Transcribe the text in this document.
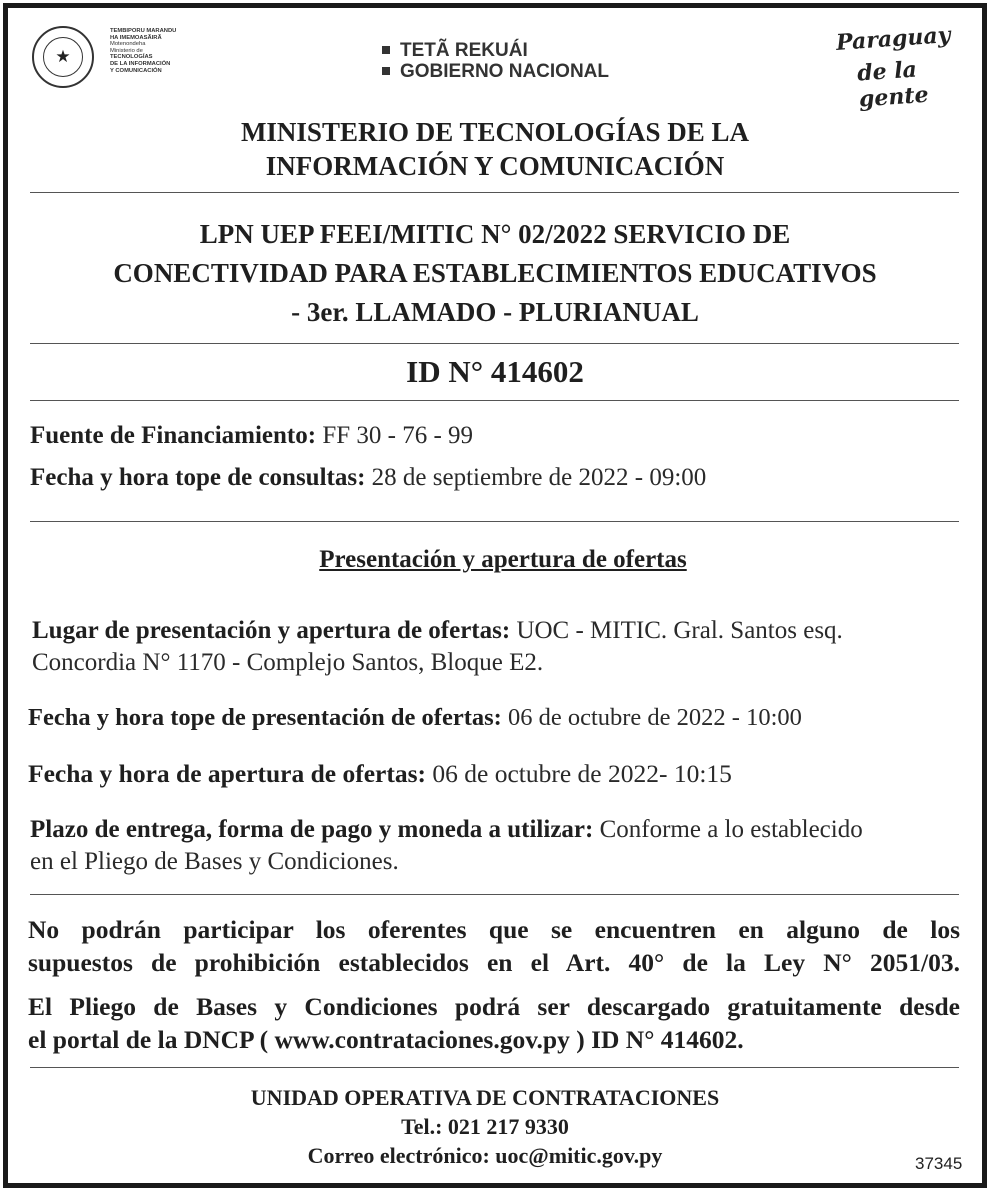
★
TEMBIPORU MARANDU
HA IMEMOASÃIRÃ
Motenondeha
Ministerio de
TECNOLOGÍAS
DE LA INFORMACIÓN
Y COMUNICACIÓN
TETÃ REKUÁI
GOBIERNO NACIONAL
Paraguay
de la gente
MINISTERIO DE TECNOLOGÍAS DE LA
INFORMACIÓN Y COMUNICACIÓN
LPN UEP FEEI/MITIC N° 02/2022 SERVICIO DE
CONECTIVIDAD PARA ESTABLECIMIENTOS EDUCATIVOS
- 3er. LLAMADO - PLURIANUAL
ID N° 414602
Fuente de Financiamiento: FF 30 - 76 - 99
Fecha y hora tope de consultas: 28 de septiembre de 2022 - 09:00
Presentación y apertura de ofertas
Lugar de presentación y apertura de ofertas: UOC - MITIC. Gral. Santos esq.
Concordia N° 1170 - Complejo Santos, Bloque E2.
Fecha y hora tope de presentación de ofertas: 06 de octubre de 2022 - 10:00
Fecha y hora de apertura de ofertas: 06 de octubre de 2022- 10:15
Plazo de entrega, forma de pago y moneda a utilizar: Conforme a lo establecido
en el Pliego de Bases y Condiciones.
No podrán participar los oferentes que se encuentren en alguno de los
supuestos de prohibición establecidos en el Art. 40° de la Ley N° 2051/03.
El Pliego de Bases y Condiciones podrá ser descargado gratuitamente desde
el portal de la DNCP ( www.contrataciones.gov.py ) ID N° 414602.
UNIDAD OPERATIVA DE CONTRATACIONES
Tel.: 021 217 9330
Correo electrónico: uoc@mitic.gov.py	37345
